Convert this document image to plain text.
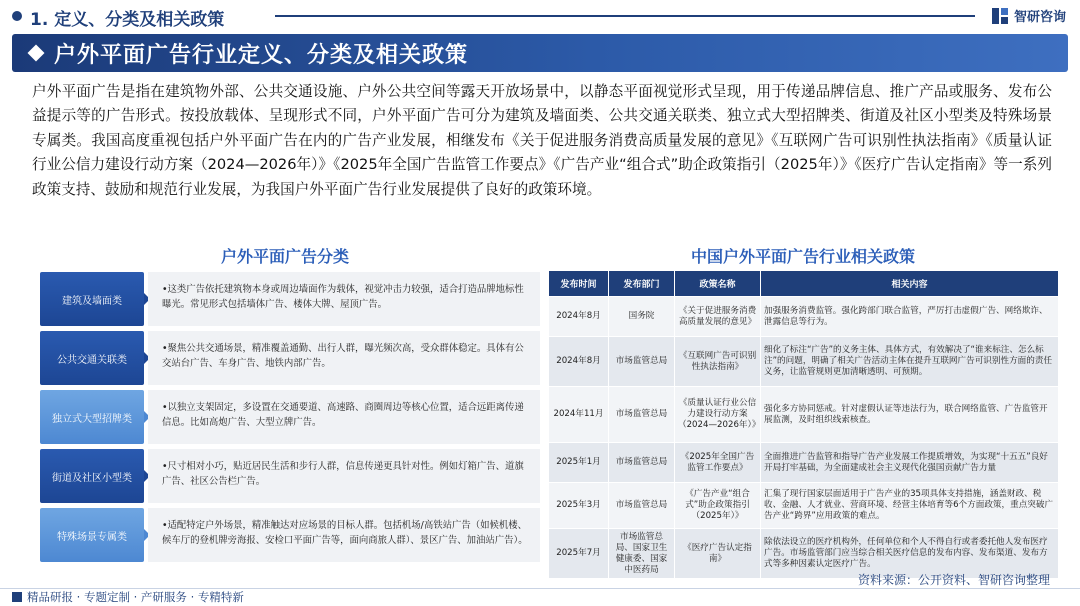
1. 定义、分类及相关政策	智研咨询
户外平面广告行业定义、分类及相关政策
户外平面广告是指在建筑物外部、公共交通设施、户外公共空间等露天开放场景中，以静态平面视觉形式呈现，用于传递品牌信息、推广产品或服务、发布公益提示等的广告形式。按投放载体、呈现形式不同，户外平面广告可分为建筑及墙面类、公共交通关联类、独立式大型招牌类、街道及社区小型类及特殊场景专属类。我国高度重视包括户外平面广告在内的广告产业发展，相继发布《关于促进服务消费高质量发展的意见》《互联网广告可识别性执法指南》《质量认证行业公信力建设行动方案（2024—2026年）》《2025年全国广告监管工作要点》《广告产业“组合式”助企政策指引（2025年）》《医疗广告认定指南》等一系列政策支持、鼓励和规范行业发展，为我国户外平面广告行业发展提供了良好的政策环境。
户外平面广告分类	中国户外平面广告行业相关政策
建筑及墙面类
•这类广告依托建筑物本身或周边墙面作为载体，视觉冲击力较强，适合打造品牌地标性曝光。常见形式包括墙体广告、楼体大牌、屋顶广告。
公共交通关联类
•聚焦公共交通场景，精准覆盖通勤、出行人群，曝光频次高，受众群体稳定。具体有公交站台广告、车身广告、地铁内部广告。
独立式大型招牌类
•以独立支架固定，多设置在交通要道、高速路、商圈周边等核心位置，适合远距离传递信息。比如高炮广告、大型立牌广告。
街道及社区小型类
•尺寸相对小巧，贴近居民生活和步行人群，信息传递更具针对性。例如灯箱广告、道旗广告、社区公告栏广告。
特殊场景专属类
•适配特定户外场景，精准触达对应场景的目标人群。包括机场/高铁站广告（如候机楼、候车厅的登机牌旁海报、安检口平面广告等，面向商旅人群）、景区广告、加油站广告）。
发布时间	发布部门	政策名称	相关内容
2024年8月	国务院	《关于促进服务消费高质量发展的意见》	加强服务消费监管。强化跨部门联合监管，严厉打击虚假广告、网络欺诈、泄露信息等行为。
2024年8月	市场监管总局	《互联网广告可识别性执法指南》	细化了标注“广告”的义务主体、具体方式，有效解决了“谁来标注、怎么标注”的问题，明确了相关广告活动主体在提升互联网广告可识别性方面的责任义务，让监管规则更加清晰透明、可预期。
2024年11月	市场监管总局	《质量认证行业公信力建设行动方案（2024—2026年）》	强化多方协同惩戒。针对虚假认证等违法行为，联合网络监管、广告监管开展监测，及时组织线索核查。
2025年1月	市场监管总局	《2025年全国广告监管工作要点》	全面推进广告监管和指导广告产业发展工作提质增效，为实现“十五五”良好开局打牢基础，为全面建成社会主义现代化强国贡献广告力量
2025年3月	市场监管总局	《广告产业“组合式”助企政策指引（2025年）》	汇集了现行国家层面适用于广告产业的35项具体支持措施，涵盖财政、税收、金融、人才就业、营商环境、经营主体培育等6个方面政策，重点突破广告产业“跨界”应用政策的难点。
2025年7月	市场监管总局、国家卫生健康委、国家中医药局	《医疗广告认定指南》	除依法设立的医疗机构外，任何单位和个人不得自行或者委托他人发布医疗广告。市场监管部门应当综合相关医疗信息的发布内容、发布渠道、发布方式等多种因素认定医疗广告。
资料来源：公开资料、智研咨询整理
精品研报 · 专题定制 · 产研服务 · 专精特新
